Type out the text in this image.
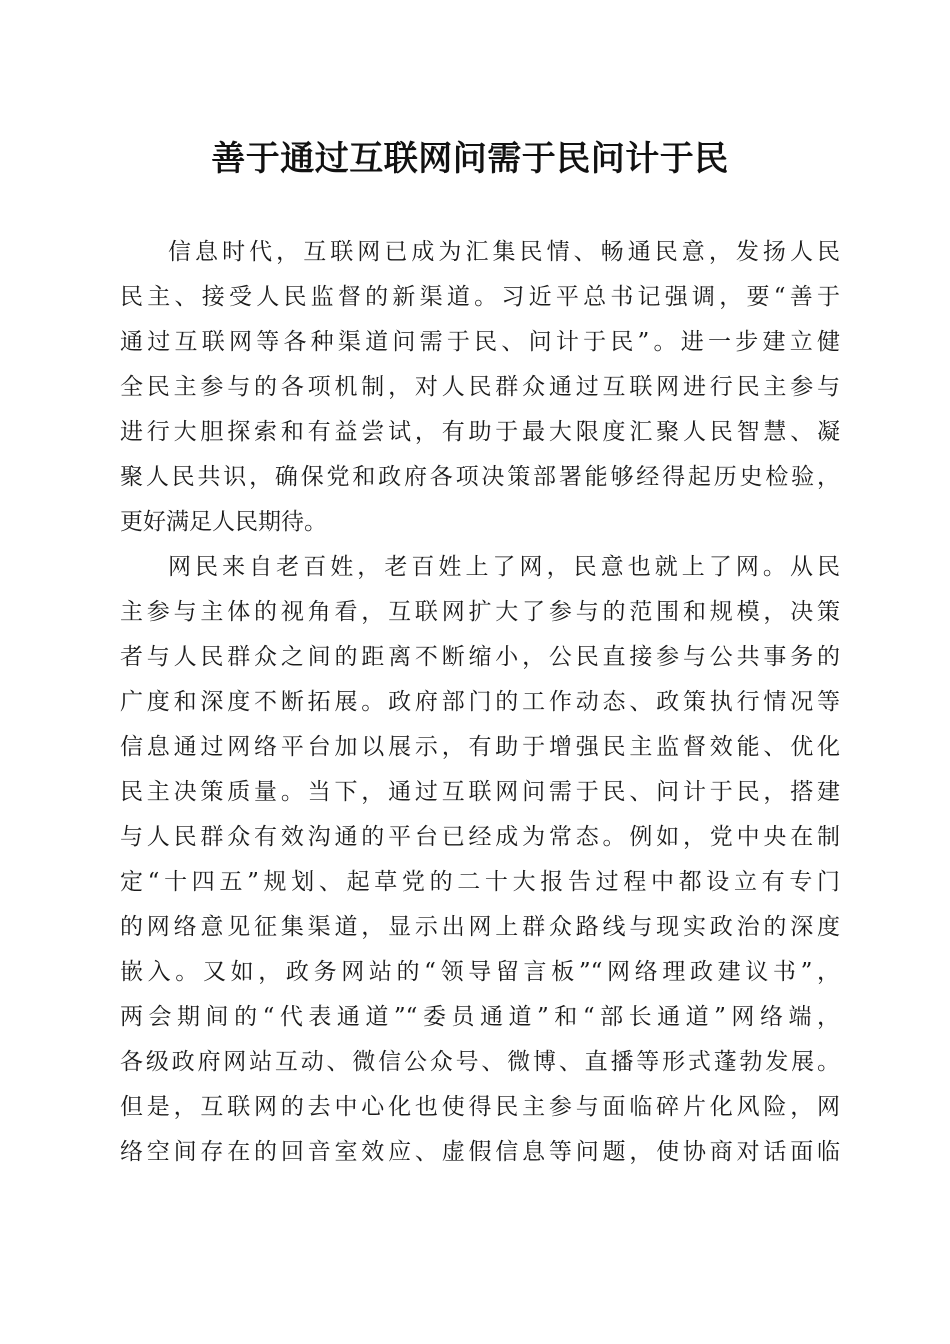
善于通过互联网问需于民问计于民
信息时代，互联网已成为汇集民情、畅通民意，发扬人民
民主、接受人民监督的新渠道。习近平总书记强调，要“善于
通过互联网等各种渠道问需于民、问计于民”。进一步建立健
全民主参与的各项机制，对人民群众通过互联网进行民主参与
进行大胆探索和有益尝试，有助于最大限度汇聚人民智慧、凝
聚人民共识，确保党和政府各项决策部署能够经得起历史检验，
更好满足人民期待。
网民来自老百姓，老百姓上了网，民意也就上了网。从民
主参与主体的视角看，互联网扩大了参与的范围和规模，决策
者与人民群众之间的距离不断缩小，公民直接参与公共事务的
广度和深度不断拓展。政府部门的工作动态、政策执行情况等
信息通过网络平台加以展示，有助于增强民主监督效能、优化
民主决策质量。当下，通过互联网问需于民、问计于民，搭建
与人民群众有效沟通的平台已经成为常态。例如，党中央在制
定“十四五”规划、起草党的二十大报告过程中都设立有专门
的网络意见征集渠道，显示出网上群众路线与现实政治的深度
嵌入。又如，政务网站的“领导留言板”“网络理政建议书”，
两会期间的“代表通道”“委员通道”和“部长通道”网络端，
各级政府网站互动、微信公众号、微博、直播等形式蓬勃发展。
但是，互联网的去中心化也使得民主参与面临碎片化风险，网
络空间存在的回音室效应、虚假信息等问题，使协商对话面临
